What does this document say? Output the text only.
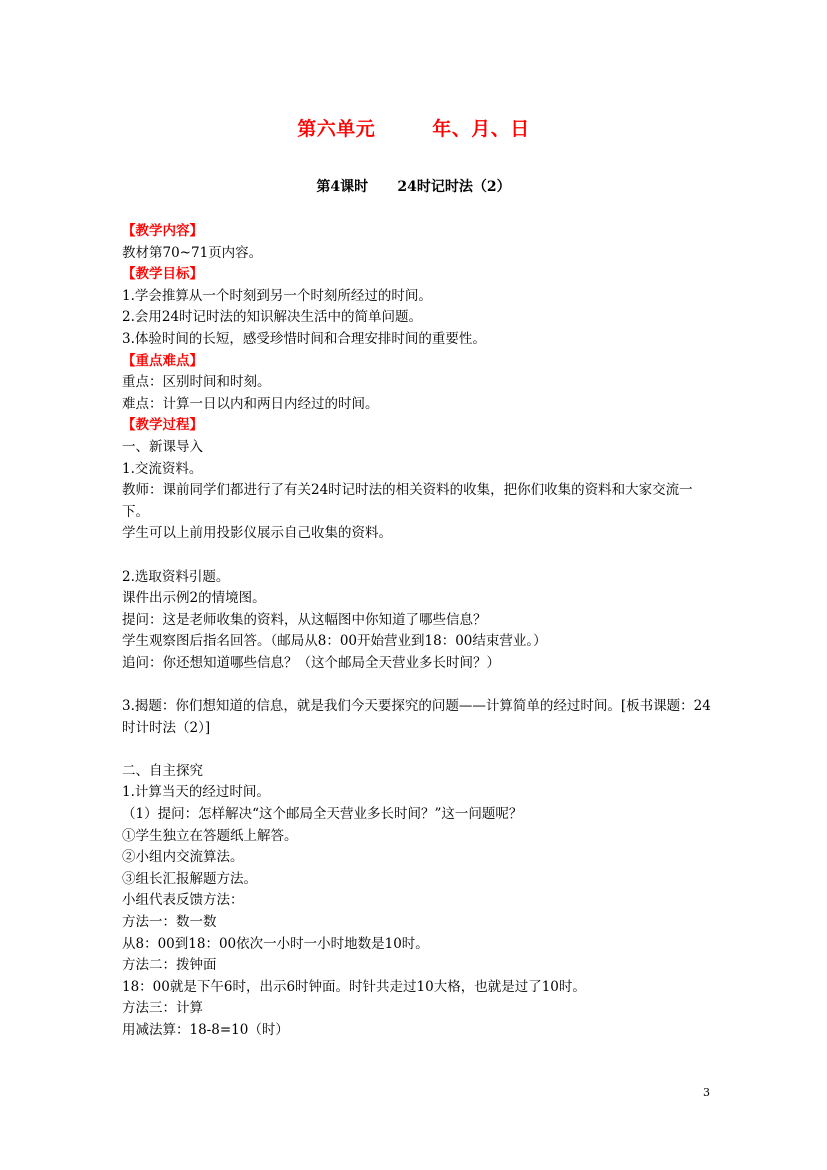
第六单元        年、月、日
第4课时      24时记时法（2）

【教学内容】

教材第70~71页内容。

【教学目标】

1.学会推算从一个时刻到另一个时刻所经过的时间。

2.会用24时记时法的知识解决生活中的简单问题。

3.体验时间的长短，感受珍惜时间和合理安排时间的重要性。

【重点难点】

重点：区别时间和时刻。

难点：计算一日以内和两日内经过的时间。

【教学过程】

一、新课导入

1.交流资料。

教师：课前同学们都进行了有关24时记时法的相关资料的收集，把你们收集的资料和大家交流一下。

学生可以上前用投影仪展示自己收集的资料。

2.选取资料引题。

课件出示例2的情境图。

提问：这是老师收集的资料，从这幅图中你知道了哪些信息？

学生观察图后指名回答。（邮局从8：00开始营业到18：00结束营业。）

追问：你还想知道哪些信息？（这个邮局全天营业多长时间？）

3.揭题：你们想知道的信息，就是我们今天要探究的问题——计算简单的经过时间。[板书课题：24时计时法（2）]

二、自主探究

1.计算当天的经过时间。

（1）提问：怎样解决“这个邮局全天营业多长时间？”这一问题呢？

①学生独立在答题纸上解答。

②小组内交流算法。

③组长汇报解题方法。

小组代表反馈方法：

方法一：数一数

从8：00到18：00依次一小时一小时地数是10时。

方法二：拨钟面

18：00就是下午6时，出示6时钟面。时针共走过10大格，也就是过了10时。

方法三：计算

用减法算：18-8=10（时）

3
